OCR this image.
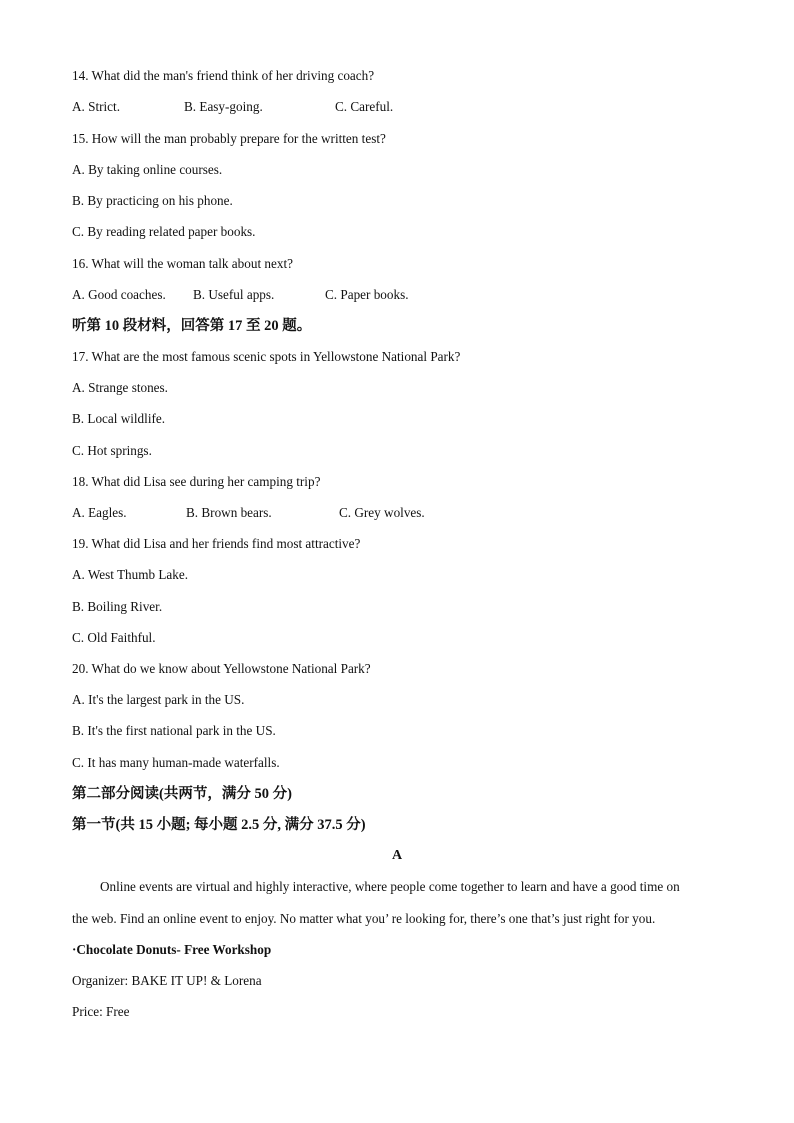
14. What did the man's friend think of her driving coach?
A. Strict.	B. Easy-going.	C. Careful.
15. How will the man probably prepare for the written test?
A. By taking online courses.
B. By practicing on his phone.
C. By reading related paper books.
16. What will the woman talk about next?
A. Good coaches. B. Useful apps.	C. Paper books.
听第 10 段材料，回答第 17 至 20 题。
17. What are the most famous scenic spots in Yellowstone National Park?
A. Strange stones.
B. Local wildlife.
C. Hot springs.
18. What did Lisa see during her camping trip?
A. Eagles.	B. Brown bears.	C. Grey wolves.
19. What did Lisa and her friends find most attractive?
A. West Thumb Lake.
B. Boiling River.
C. Old Faithful.
20. What do we know about Yellowstone National Park?
A. It's the largest park in the US.
B. It's the first national park in the US.
C. It has many human-made waterfalls.
第二部分阅读(共两节，满分 50 分)
第一节(共 15 小题; 每小题 2.5 分, 满分 37.5 分)
A
Online events are virtual and highly interactive, where people come together to learn and have a good time on
the web. Find an online event to enjoy. No matter what you’ re looking for, there’s one that’s just right for you.
·Chocolate Donuts- Free Workshop
Organizer: BAKE IT UP! & Lorena
Price: Free
